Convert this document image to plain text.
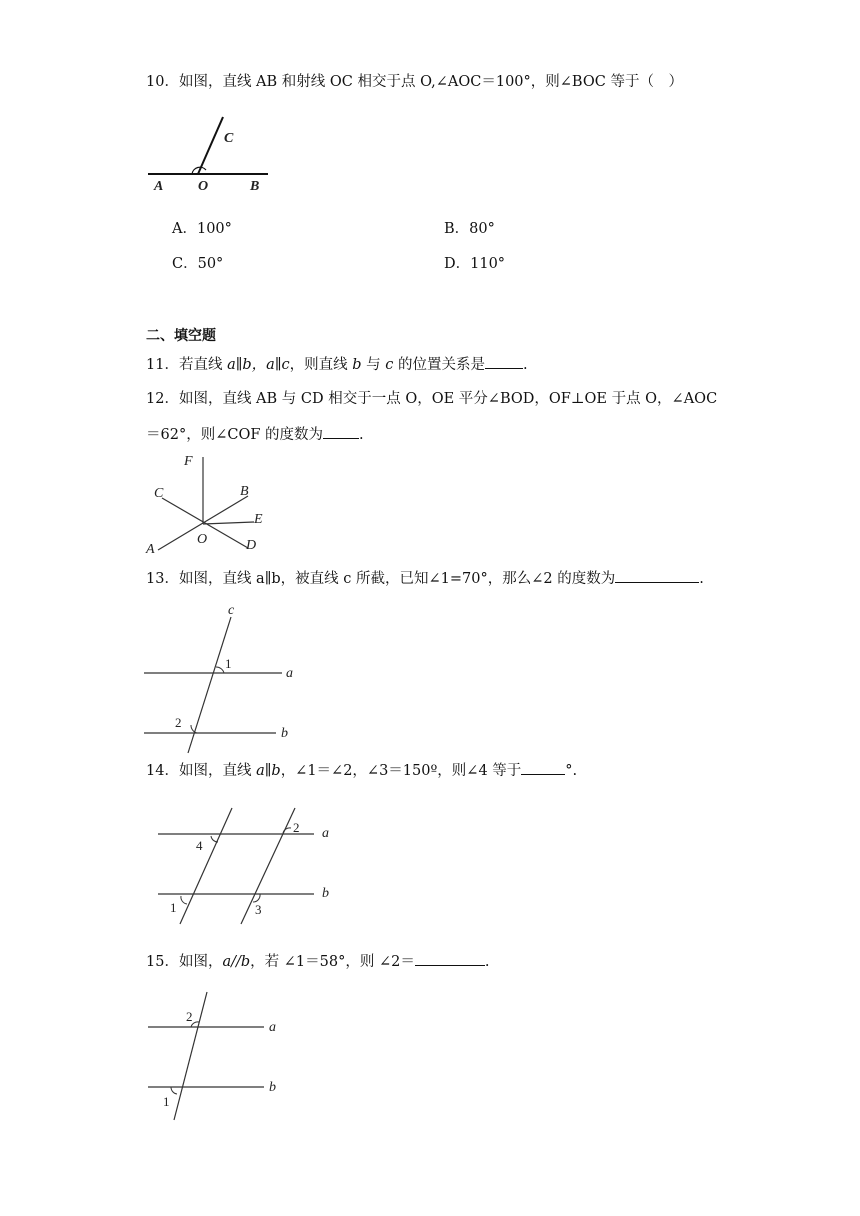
10．如图，直线 AB 和射线 OC 相交于点 O,∠AOC＝100°，则∠BOC 等于（　）
A O	B
C
A．100°	B．80°
C．50°	D．110°
二、填空题
11．若直线 a∥b，a∥c，则直线 b 与 c 的位置关系是	.
12．如图，直线 AB 与 CD 相交于一点 O，OE 平分∠BOD，OF⊥OE 于点 O，∠AOC
＝62°，则∠COF 的度数为 .
F
C	B
E
A
O	D
13．如图，直线 a∥b，被直线 c 所截，已知∠1=70°，那么∠2 的度数为	.
c
a
b
1
2
14．如图，直线 a∥b，∠1＝∠2，∠3＝150º，则∠4 等于	°.
a
b
4
2
1	3
15．如图，a//b，若 ∠1＝58°，则 ∠2＝	.
a
b
2
1
